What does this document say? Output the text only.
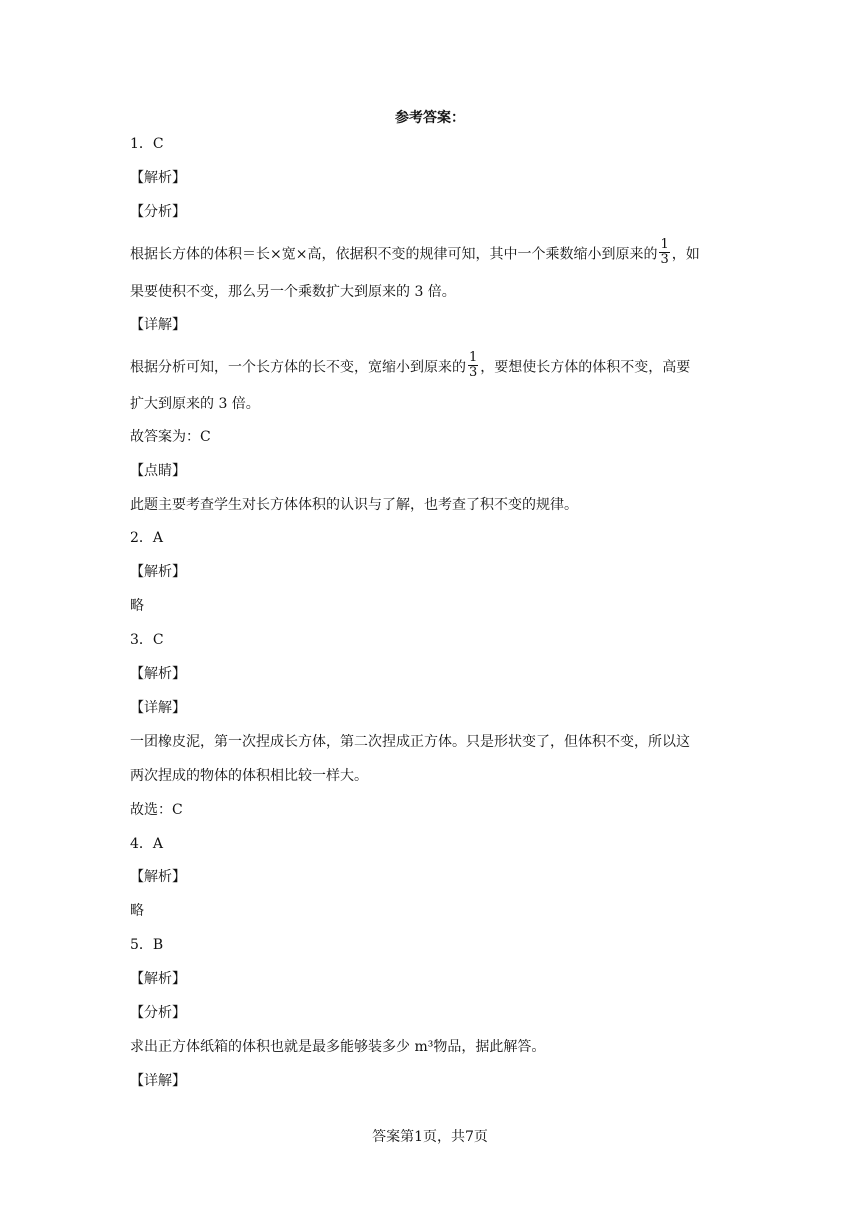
参考答案：
1．C
【解析】
【分析】
根据长方体的体积＝长×宽×高，依据积不变的规律可知，其中一个乘数缩小到原来的 $\frac{1}{3}$ ，如
果要使积不变，那么另一个乘数扩大到原来的 3 倍。
【详解】
根据分析可知，一个长方体的长不变，宽缩小到原来的 $\frac{1}{3}$ ，要想使长方体的体积不变，高要
扩大到原来的 3 倍。
故答案为：C
【点睛】
此题主要考查学生对长方体体积的认识与了解，也考查了积不变的规律。
2．A
【解析】
略
3．C
【解析】
【详解】
一团橡皮泥，第一次捏成长方体，第二次捏成正方体。只是形状变了，但体积不变，所以这
两次捏成的物体的体积相比较一样大。
故选：C
4．A
【解析】
略
5．B
【解析】
【分析】
求出正方体纸箱的体积也就是最多能够装多少 m³物品，据此解答。
【详解】
答案第1页，共7页
